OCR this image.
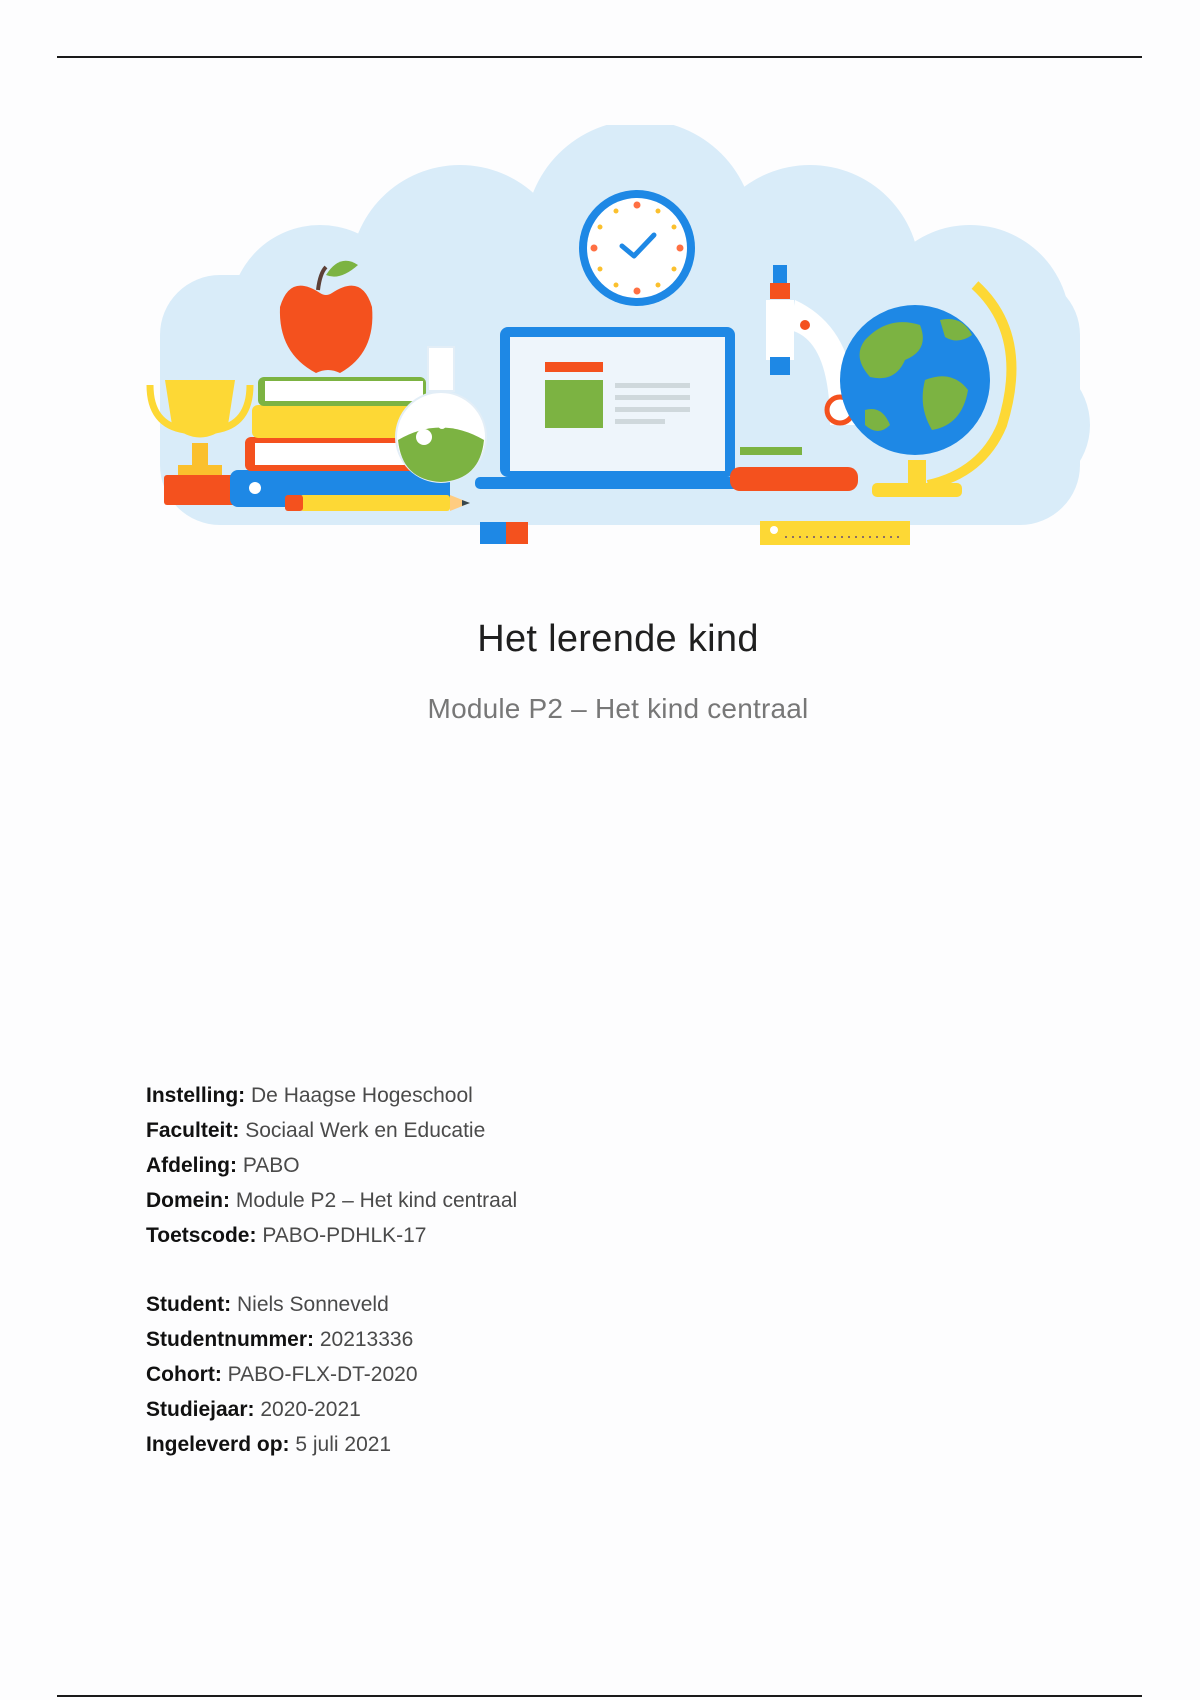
Het lerende kind
Module P2 – Het kind centraal
Instelling: De Haagse Hogeschool
Faculteit: Sociaal Werk en Educatie
Afdeling: PABO
Domein: Module P2 – Het kind centraal
Toetscode: PABO-PDHLK-17
Student: Niels Sonneveld
Studentnummer: 20213336
Cohort: PABO-FLX-DT-2020
Studiejaar: 2020-2021
Ingeleverd op: 5 juli 2021
